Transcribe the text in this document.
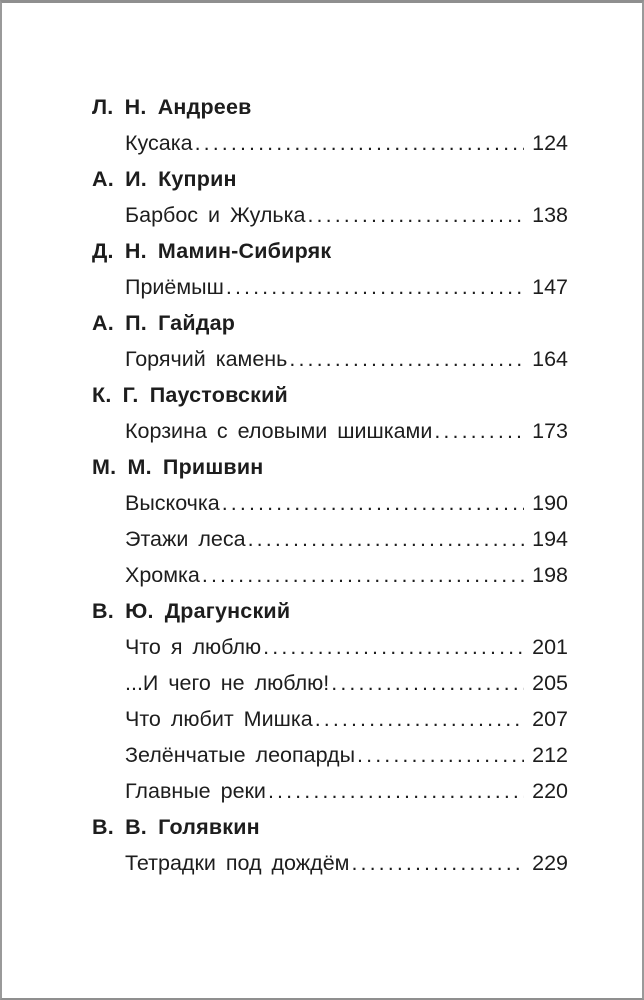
Л. Н. Андреев
Кусака .....	124
А. И. Куприн
Барбос и Жулька .....	138
Д. Н. Мамин-Сибиряк
Приёмыш .....	147
А. П. Гайдар
Горячий камень .....	164
К. Г. Паустовский
Корзина с еловыми шишками .....	173
М. М. Пришвин
Выскочка .....	190
Этажи леса .....	194
Хромка .....	198
В. Ю. Драгунский
Что я люблю .....	201
...И чего не люблю! .....	205
Что любит Мишка .....	207
Зелёнчатые леопарды .....	212
Главные реки .....	220
В. В. Голявкин
Тетрадки под дождём .....	229
